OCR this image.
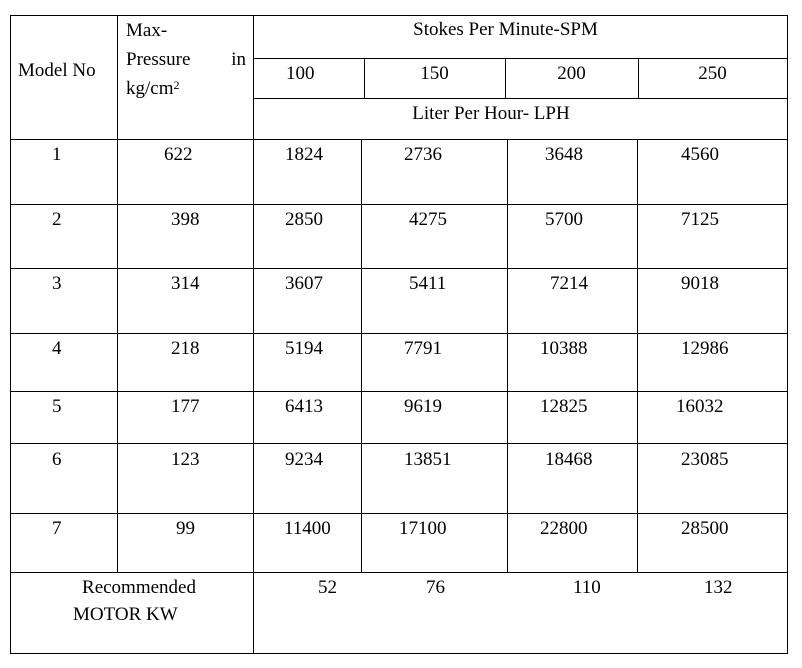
Model No
Max-
Pressure in
$kg/cm^2$
Stokes Per Minute-SPM
100	150	200	250
Liter Per Hour- LPH
1	622	1824	2736	3648	4560
2	398	2850	4275	5700	7125
3	314	3607	5411	7214	9018
4	218	5194	7791	10388	12986
5	177	6413	9619	12825	16032
6	123	9234	13851	18468	23085
7	99	11400	17100	22800	28500
Recommended
MOTOR KW
52	76	110	132
